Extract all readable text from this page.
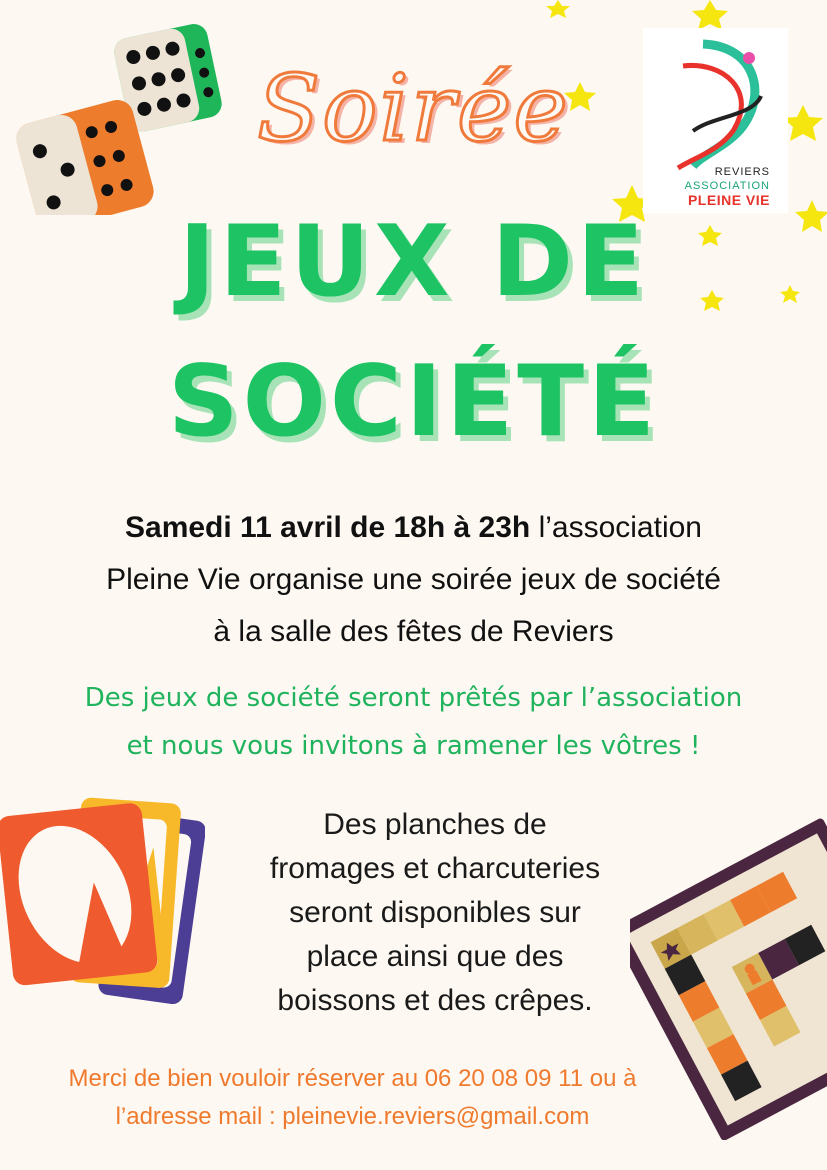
REVIERS
ASSOCIATION
PLEINE VIE
Soirée
JEUX DE
SOCIÉTÉ
Samedi 11 avril de 18h à 23h l’association
Pleine Vie organise une soirée jeux de société
à la salle des fêtes de Reviers
Des jeux de société seront prêtés par l’association
et nous vous invitons à ramener les vôtres !
Des planches de
fromages et charcuteries
seront disponibles sur
place ainsi que des
boissons et des crêpes.
Merci de bien vouloir réserver au 06 20 08 09 11 ou à
l’adresse mail : pleinevie.reviers@gmail.com
